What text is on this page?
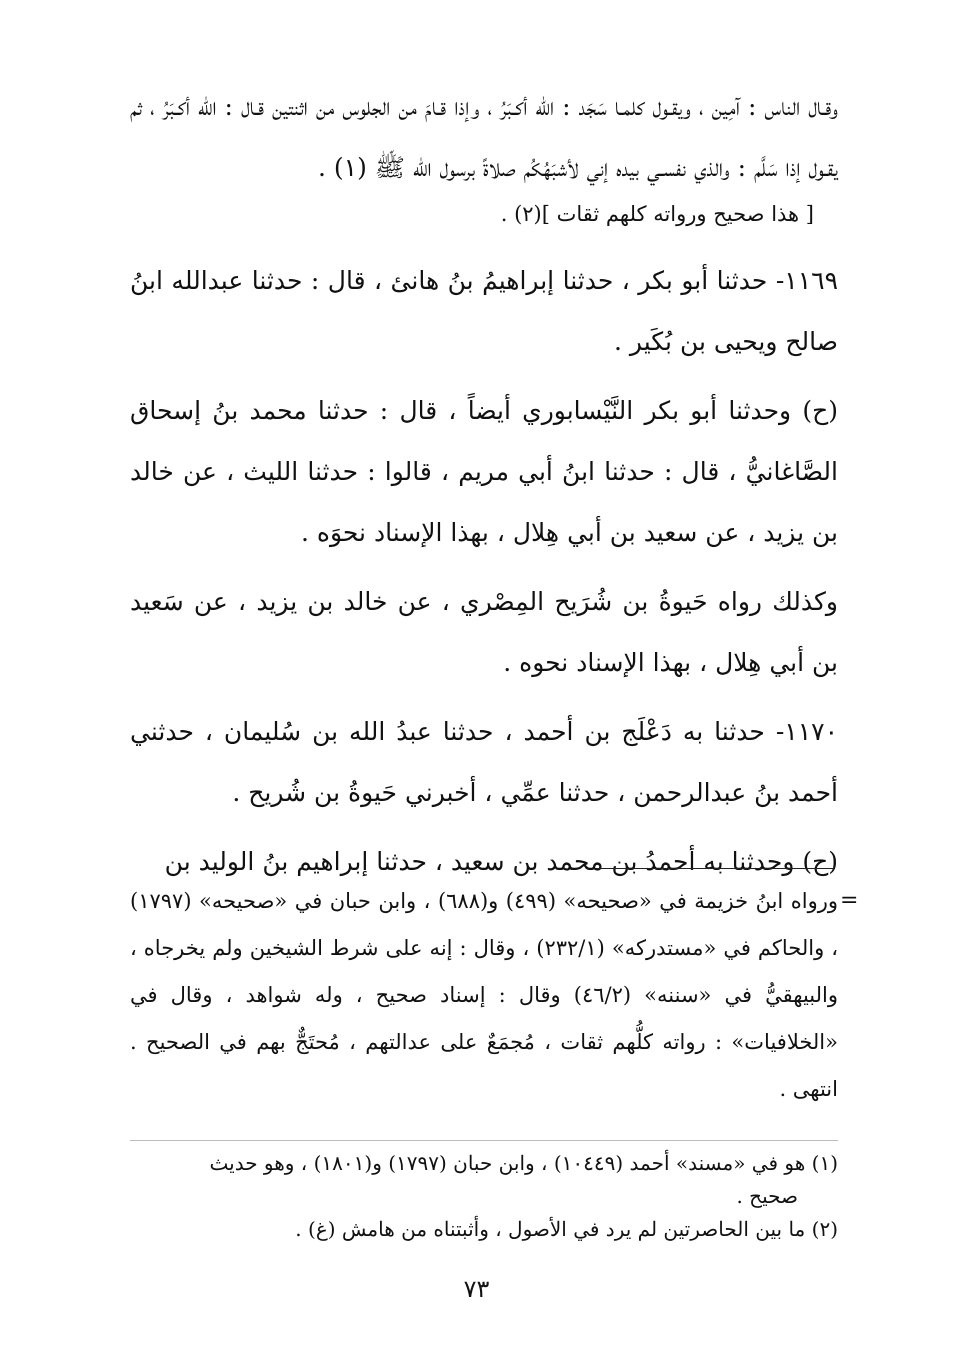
وقـال الناس : آمِين ، ويقـول كلمـا سَجَد : الله أكـبَرُ ، وإذا قـامَ من الجلوس من اثنتين قـال : الله أكـبَرُ ، ثم يقـول إذا سَلَّم : والذي نفسـي بيده إني لأشبَهُكُم صلاةً برسول الله ﷺ (١) .

[ هذا صحيح ورواته كلهم ثقات ](٢) .

١١٦٩- حدثنا أبو بكر ، حدثنا إبراهيمُ بنُ هانئ ، قال : حدثنا عبدالله ابنُ صالح ويحيى بن بُكَير .

(ح) وحدثنا أبو بكر النَّيْسابوري أيضاً ، قال : حدثنا محمد بنُ إسحاق الصَّاغانيُّ ، قال : حدثنا ابنُ أبي مريم ، قالوا : حدثنا الليث ، عن خالد بن يزيد ، عن سعيد بن أبي هِلال ، بهذا الإسناد نحوَه .

وكذلك رواه حَيوةُ بن شُرَيح المِصْري ، عن خالد بن يزيد ، عن سَعيد بن أبي هِلال ، بهذا الإسناد نحوه .

١١٧٠- حدثنا به دَعْلَج بن أحمد ، حدثنا عبدُ الله بن سُليمان ، حدثني أحمد بنُ عبدالرحمن ، حدثنا عمِّي ، أخبرني حَيوةُ بن شُريح .

(ح) وحدثنا به أحمدُ بن محمد بن سعيد ، حدثنا إبراهيم بنُ الوليد بن

=

ورواه ابنُ خزيمة في «صحيحه» (٤٩٩) و(٦٨٨) ، وابن حبان في «صحيحه» (١٧٩٧) ، والحاكم في «مستدركه» (٢٣٢/١) ، وقال : إنه على شرط الشيخين ولم يخرجاه ، والبيهقيُّ في «سننه» (٤٦/٢) وقال : إسناد صحيح ، وله شواهد ، وقال في «الخلافيات» : رواته كلُّهم ثقات ، مُجمَعٌ على عدالتهم ، مُحتَجٌّ بهم في الصحيح . انتهى .

(١) هو في «مسند» أحمد (١٠٤٤٩) ، وابن حبان (١٧٩٧) و(١٨٠١) ، وهو حديث

صحيح .

(٢) ما بين الحاصرتين لم يرد في الأصول ، وأثبتناه من هامش (غ) .

٧٣
